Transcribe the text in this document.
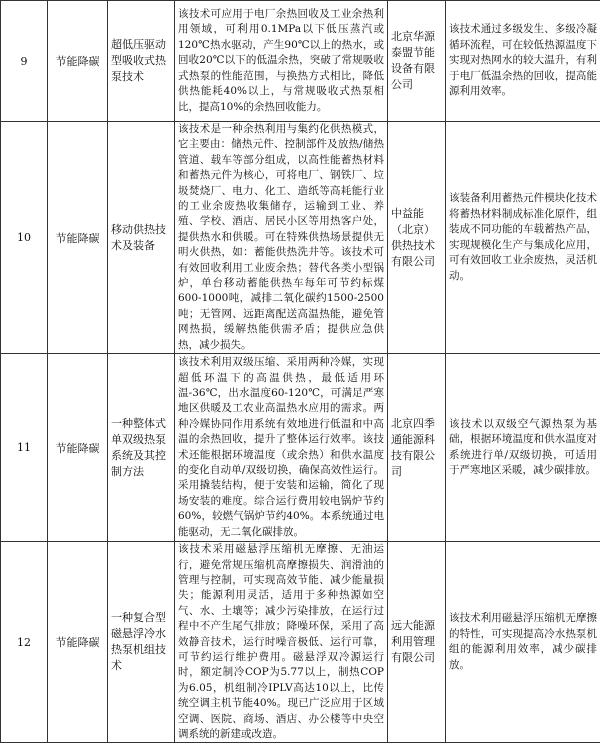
9	节能降碳	超低压驱动型吸收式热泵技术	该技术可应用于电厂余热回收及工业余热利用领域，可利用0.1MPa以下低压蒸汽或120℃热水驱动，产生90℃以上的热水，或回收20℃以下的低温余热，突破了常规吸收式热泵的性能范围，与换热方式相比，降低供热能耗40%以上，与常规吸收式热泵相比，提高10%的余热回收能力。	北京华源泰盟节能设备有限公司	该技术通过多级发生、多级冷凝循环流程，可在较低热源温度下实现对热网水的较大温升，有利于电厂低温余热的回收，提高能源利用效率。
10	节能降碳	移动供热技术及装备	该技术是一种余热利用与集约化供热模式，它主要由：储热元件、控制部件及放热/储热管道、载车等部分组成，以高性能蓄热材料和蓄热元件为核心，可将电厂、钢铁厂、垃圾焚烧厂、电力、化工、造纸等高耗能行业的工业余废热收集储存，运输到工业、养殖、学校、酒店、居民小区等用热客户处，提供热水和供暖。可在特殊供热场景提供无明火供热，如：蓄能供热洗井等。该技术可有效回收利用工业废余热；替代各类小型锅炉，单台移动蓄能供热车每年可节约标煤600-1000吨，减排二氧化碳约1500-2500吨；无管网、远距离配送高温热能，避免管网热损，缓解热能供需矛盾；提供应急供热，减少损失。	中益能（北京）供热技术有限公司	该装备利用蓄热元件模块化技术将蓄热材料制成标准化原件，组装成不同功能的车载蓄热产品，实现规模化生产与集成化应用，可有效回收工业余废热，灵活机动。
11	节能降碳	一种整体式单双级热泵系统及其控制方法	该技术利用双级压缩、采用两种冷媒，实现超低环温下的高温供热，最低适用环温-36℃，出水温度60-120℃，可满足严寒地区供暖及工农业高温热水应用的需求。两种冷媒协同作用系统有效地进行低温和中高温的余热回收，提升了整体运行效率。该技术还能根据环境温度（或余热）和供水温度的变化自动单/双级切换，确保高效性运行。采用撬装结构，便于安装和运输，简化了现场安装的难度。综合运行费用较电锅炉节约60%，较燃气锅炉节约40%。本系统通过电能驱动，无二氧化碳排放。	北京四季通能源科技有限公司	该技术以双级空气源热泵为基础，根据环境温度和供水温度对系统进行单/双级切换，可适用于严寒地区采暖，减少碳排放。
12	节能降碳	一种复合型磁悬浮冷水热泵机组技术	该技术采用磁悬浮压缩机无摩擦、无油运行，避免常规压缩机高摩擦损失、润滑油的管理与控制，可实现高效节能、减少能量损失；能源利用灵活，适用于多种热源如空气、水、土壤等；减少污染排放，在运行过程中不产生尾气排放；降噪环保，采用了高效静音技术，运行时噪音极低、运行可靠，可节约运行维护费用。磁悬浮双冷源运行时，额定制冷COP为5.77以上，制热COP为6.05，机组制冷IPLV高达10以上，比传统空调主机节能40%。现已广泛应用于区域空调、医院、商场、酒店、办公楼等中央空调系统的新建或改造。	远大能源利用管理有限公司	该技术利用磁悬浮压缩机无摩擦的特性，可实现提高冷水热泵机组的能源利用效率，减少碳排放。
